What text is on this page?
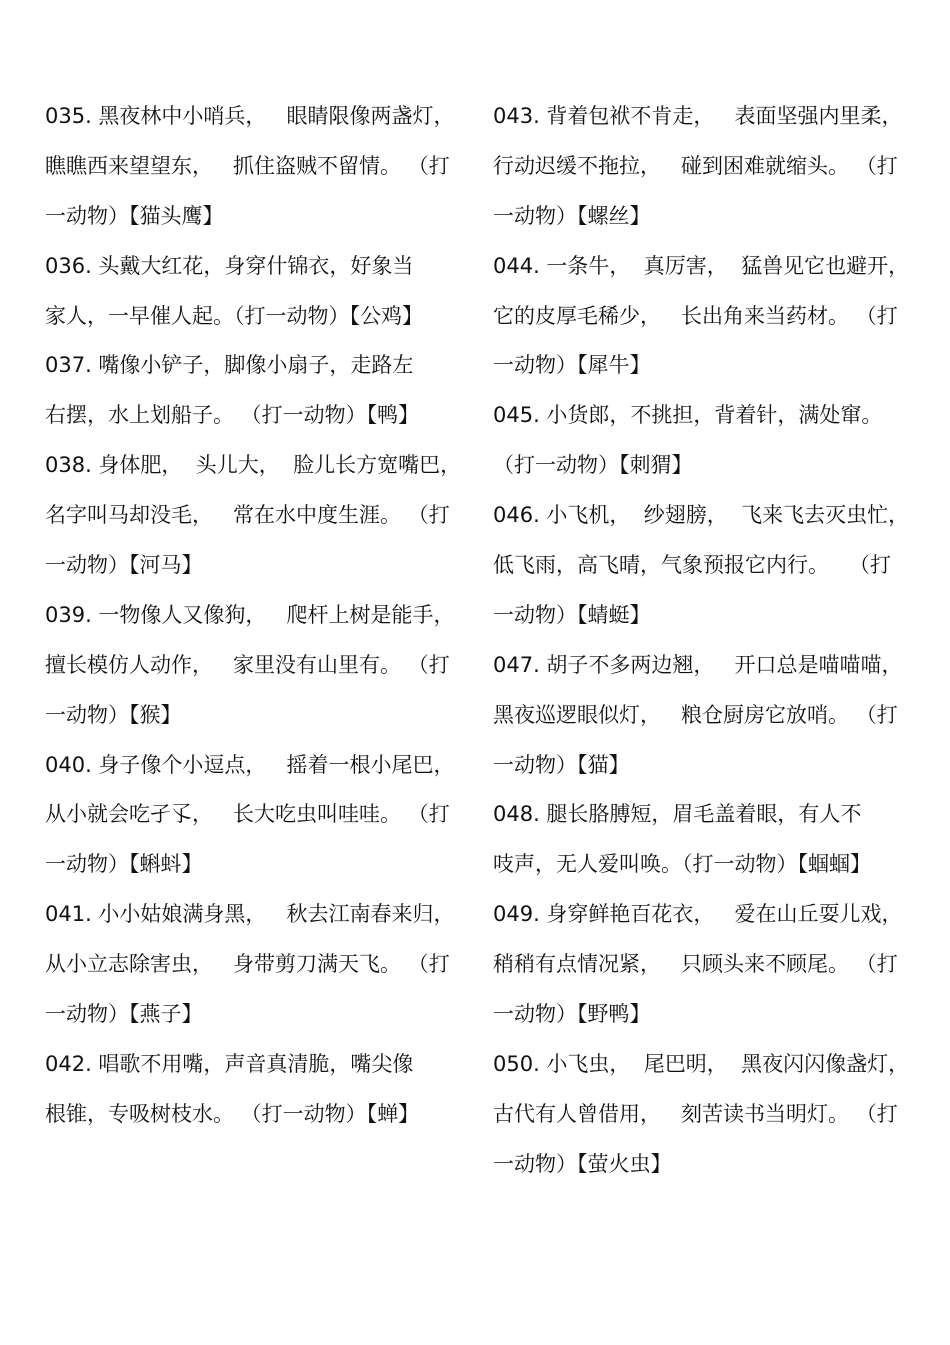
035. 黑夜林中小哨兵，   眼睛限像两盏灯，
瞧瞧西来望望东，   抓住盗贼不留情。 （打
一动物）【猫头鹰】
036. 头戴大红花，身穿什锦衣，好象当
家人，一早催人起。（打一动物）【公鸡】
037. 嘴像小铲子，脚像小扇子，走路左
右摆，水上划船子。 （打一动物）【鸭】
038. 身体肥，  头儿大，  脸儿长方宽嘴巴，
名字叫马却没毛，   常在水中度生涯。 （打
一动物）【河马】
039. 一物像人又像狗，   爬杆上树是能手，
擅长模仿人动作，   家里没有山里有。 （打
一动物）【猴】
040. 身子像个小逗点，   摇着一根小尾巴，
从小就会吃孑孓，   长大吃虫叫哇哇。 （打
一动物）【蝌蚪】
041. 小小姑娘满身黑，   秋去江南春来归，
从小立志除害虫，   身带剪刀满天飞。 （打
一动物）【燕子】
042. 唱歌不用嘴，声音真清脆，嘴尖像
根锥，专吸树枝水。 （打一动物）【蝉】
043. 背着包袱不肯走，   表面坚强内里柔，
行动迟缓不拖拉，   碰到困难就缩头。 （打
一动物）【螺丝】
044. 一条牛，  真厉害，  猛兽见它也避开，
它的皮厚毛稀少，   长出角来当药材。 （打
一动物）【犀牛】
045. 小货郎，不挑担，背着针，满处窜。
（打一动物）【刺猬】
046. 小飞机，  纱翅膀，  飞来飞去灭虫忙，
低飞雨，高飞晴，气象预报它内行。   （打
一动物）【蜻蜓】
047. 胡子不多两边翘，   开口总是喵喵喵，
黑夜巡逻眼似灯，   粮仓厨房它放哨。 （打
一动物）【猫】
048. 腿长胳膊短，眉毛盖着眼，有人不
吱声，无人爱叫唤。（打一动物）【蝈蝈】
049. 身穿鲜艳百花衣，   爱在山丘耍儿戏，
稍稍有点情况紧，   只顾头来不顾尾。 （打
一动物）【野鸭】
050. 小飞虫，  尾巴明，  黑夜闪闪像盏灯，
古代有人曾借用，   刻苦读书当明灯。 （打
一动物）【萤火虫】
